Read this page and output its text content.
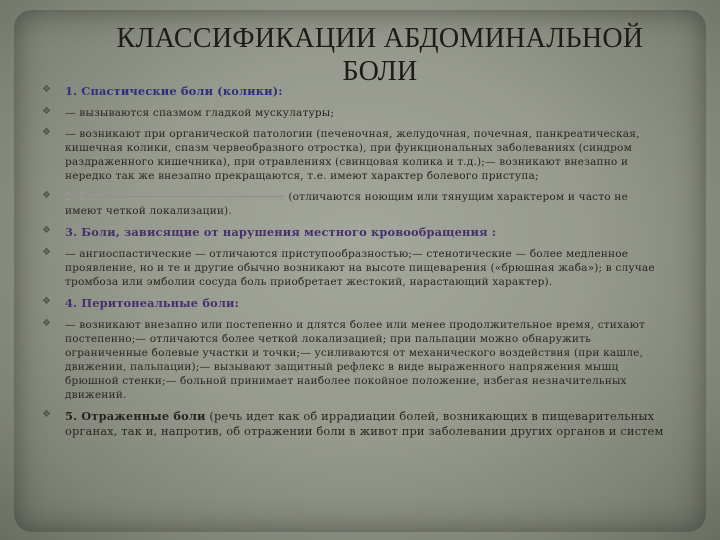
КЛАССИФИКАЦИИ АБДОМИНАЛЬНОЙ БОЛИ
❖ 1. Спастические боли (колики):
❖ — вызываются спазмом гладкой мускулатуры;
❖ — возникают при органической патологии (печеночная, желудочная, почечная, панкреатическая, кишечная колики, спазм червеобразного отростка), при функциональных заболеваниях (синдром раздраженного кишечника), при отравлениях (свинцовая колика и т.д.);— возникают внезапно и нередко так же внезапно прекращаются, т.е. имеют характер болевого приступа;
❖ 2. Боли от растяжения полых органов (отличаются ноющим или тянущим характером и часто не имеют четкой локализации).
❖ 3. Боли, зависящие от нарушения местного кровообращения :
❖ — ангиоспастические — отличаются приступообразностью;— стенотические — более медленное проявление, но и те и другие обычно возникают на высоте пищеварения («брюшная жаба»); в случае тромбоза или эмболии сосуда боль приобретает жестокий, нарастающий характер).
❖ 4. Перитонеальные боли:
❖ — возникают внезапно или постепенно и длятся более или менее продолжительное время, стихают постепенно;— отличаются более четкой локализацией; при пальпации можно обнаружить ограниченные болевые участки и точки;— усиливаются от механического воздействия (при кашле, движении, пальпации);— вызывают защитный рефлекс в виде выраженного напряжения мышц брюшной стенки;— больной принимает наиболее покойное положение, избегая незначительных движений.
❖ 5. Отраженные боли (речь идет как об иррадиации болей, возникающих в пищеварительных органах, так и, напротив, об отражении боли в живот при заболевании других органов и систем
